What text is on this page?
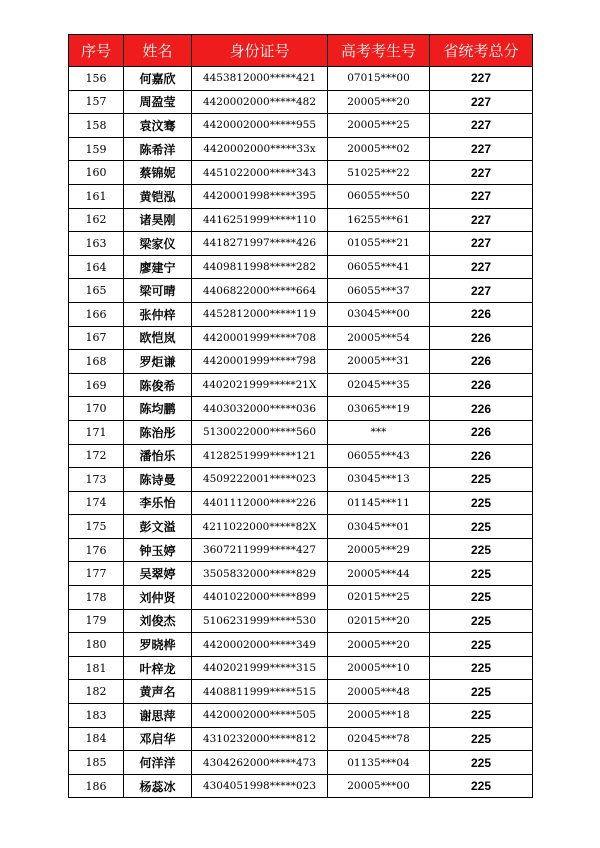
序号	姓名	身份证号	高考考生号	省统考总分
156	何嘉欣	4453812000*****421	07015***00	227
157	周盈莹	4420002000*****482	20005***20	227
158	袁汶骞	4420002000*****955	20005***25	227
159	陈希洋	4420002000*****33x	20005***02	227
160	蔡锦妮	4451022000*****343	51025***22	227
161	黄铠泓	4420001998*****395	06055***50	227
162	诸昊刚	4416251999*****110	16255***61	227
163	梁家仪	4418271997*****426	01055***21	227
164	廖建宁	4409811998*****282	06055***41	227
165	梁可晴	4406822000*****664	06055***37	227
166	张仲梓	4452812000*****119	03045***00	226
167	欧恺岚	4420001999*****708	20005***54	226
168	罗炬谦	4420001999*****798	20005***31	226
169	陈俊希	4402021999*****21X	02045***35	226
170	陈均鹏	4403032000*****036	03065***19	226
171	陈治彤	5130022000*****560	***	226
172	潘怡乐	4128251999*****121	06055***43	226
173	陈诗曼	4509222001*****023	03045***13	225
174	李乐怡	4401112000*****226	01145***11	225
175	彭文溢	4211022000*****82X	03045***01	225
176	钟玉婷	3607211999*****427	20005***29	225
177	吴翠婷	3505832000*****829	20005***44	225
178	刘仲贤	4401022000*****899	02015***25	225
179	刘俊杰	5106231999*****530	02015***20	225
180	罗晓桦	4420002000*****349	20005***20	225
181	叶梓龙	4402021999*****315	20005***10	225
182	黄声名	4408811999*****515	20005***48	225
183	谢思萍	4420002000*****505	20005***18	225
184	邓启华	4310232000*****812	02045***78	225
185	何洋洋	4304262000*****473	01135***04	225
186	杨蕊冰	4304051998*****023	20005***00	225
